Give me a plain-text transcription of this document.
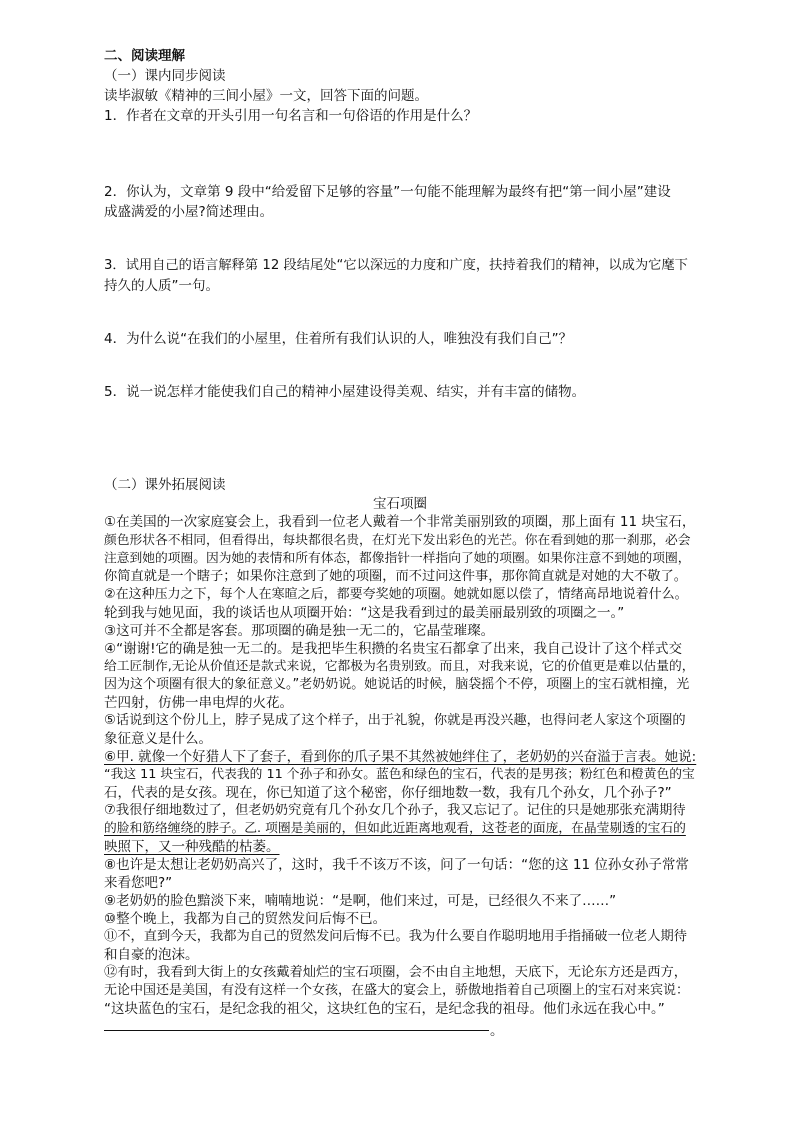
二、阅读理解
（一）课内同步阅读
读毕淑敏《精神的三间小屋》一文，回答下面的问题。
1．作者在文章的开头引用一句名言和一句俗语的作用是什么？
2．你认为，文章第 9 段中“给爱留下足够的容量”一句能不能理解为最终有把“第一间小屋”建设
成盛满爱的小屋?简述理由。
3．试用自己的语言解释第 12 段结尾处“它以深远的力度和广度，扶持着我们的精神，以成为它麾下
持久的人质”一句。
4．为什么说“在我们的小屋里，住着所有我们认识的人，唯独没有我们自己”？
5．说一说怎样才能使我们自己的精神小屋建设得美观、结实，并有丰富的储物。
（二）课外拓展阅读
宝石项圈
①在美国的一次家庭宴会上，我看到一位老人戴着一个非常美丽别致的项圈，那上面有 11 块宝石，
颜色形状各不相同，但看得出，每块都很名贵，在灯光下发出彩色的光芒。你在看到她的那一刹那，必会
注意到她的项圈。因为她的表情和所有体态，都像指针一样指向了她的项圈。如果你注意不到她的项圈，
你简直就是一个瞎子；如果你注意到了她的项圈，而不过问这件事，那你简直就是对她的大不敬了。
②在这种压力之下，每个人在寒暄之后，都要夸奖她的项圈。她就如愿以偿了，情绪高昂地说着什么。
轮到我与她见面，我的谈话也从项圈开始：“这是我看到过的最美丽最别致的项圈之一。”
③这可并不全都是客套。那项圈的确是独一无二的，它晶莹璀璨。
④“谢谢!它的确是独一无二的。是我把毕生积攒的名贵宝石都拿了出来，我自己设计了这个样式交
给工匠制作,无论从价值还是款式来说，它都极为名贵别致。而且，对我来说，它的价值更是难以估量的，
因为这个项圈有很大的象征意义。”老奶奶说。她说话的时候，脑袋摇个不停，项圈上的宝石就相撞，光
芒四射，仿佛一串电焊的火花。
⑤话说到这个份儿上，脖子晃成了这个样子，出于礼貌，你就是再没兴趣，也得问老人家这个项圈的
象征意义是什么。
⑥甲. 就像一个好猎人下了套子，看到你的爪子果不其然被她绊住了，老奶奶的兴奋溢于言表。她说:
“我这 11 块宝石，代表我的 11 个孙子和孙女。蓝色和绿色的宝石，代表的是男孩；粉红色和橙黄色的宝
石，代表的是女孩。现在，你已知道了这个秘密，你仔细地数一数，我有几个孙女，几个孙子?”
⑦我很仔细地数过了，但老奶奶究竟有几个孙女几个孙子，我又忘记了。记住的只是她那张充满期待
的脸和筋络缠绕的脖子。乙. 项圈是美丽的，但如此近距离地观看，这苍老的面庞，在晶莹剔透的宝石的
映照下，又一种残酷的枯萎。
⑧也许是太想让老奶奶高兴了，这时，我千不该万不该，问了一句话：“您的这 11 位孙女孙子常常
来看您吧?”
⑨老奶奶的脸色黯淡下来，喃喃地说：“是啊，他们来过，可是，已经很久不来了……”
⑩整个晚上，我都为自己的贸然发问后悔不已。
⑪不，直到今天，我都为自己的贸然发问后悔不已。我为什么要自作聪明地用手指捅破一位老人期待
和自豪的泡沫。
⑫有时，我看到大街上的女孩戴着灿烂的宝石项圈，会不由自主地想，天底下，无论东方还是西方，
无论中国还是美国，有没有这样一个女孩，在盛大的宴会上，骄傲地指着自己项圈上的宝石对来宾说：
“这块蓝色的宝石，是纪念我的祖父，这块红色的宝石，是纪念我的祖母。他们永远在我心中。”
。
